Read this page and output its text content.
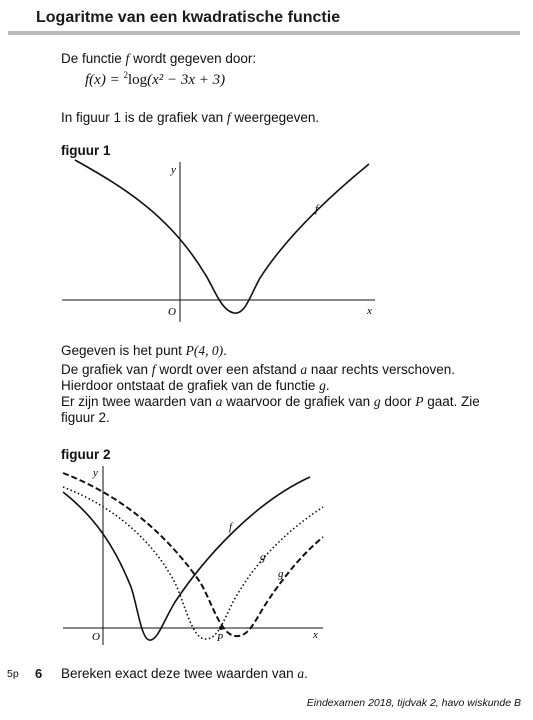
Logaritme van een kwadratische functie
De functie f wordt gegeven door:
f(x) = $^2$log(x² − 3x + 3)
In figuur 1 is de grafiek van f weergegeven.
figuur 1
y
x
O
f
Gegeven is het punt P(4, 0).
De grafiek van f wordt over een afstand a naar rechts verschoven.
Hierdoor ontstaat de grafiek van de functie g.
Er zijn twee waarden van a waarvoor de grafiek van g door P gaat. Zie
figuur 2.
figuur 2
y
x
O	P
f
g
g
5p 6 Bereken exact deze twee waarden van a.
Eindexamen 2018, tijdvak 2, havo wiskunde B
